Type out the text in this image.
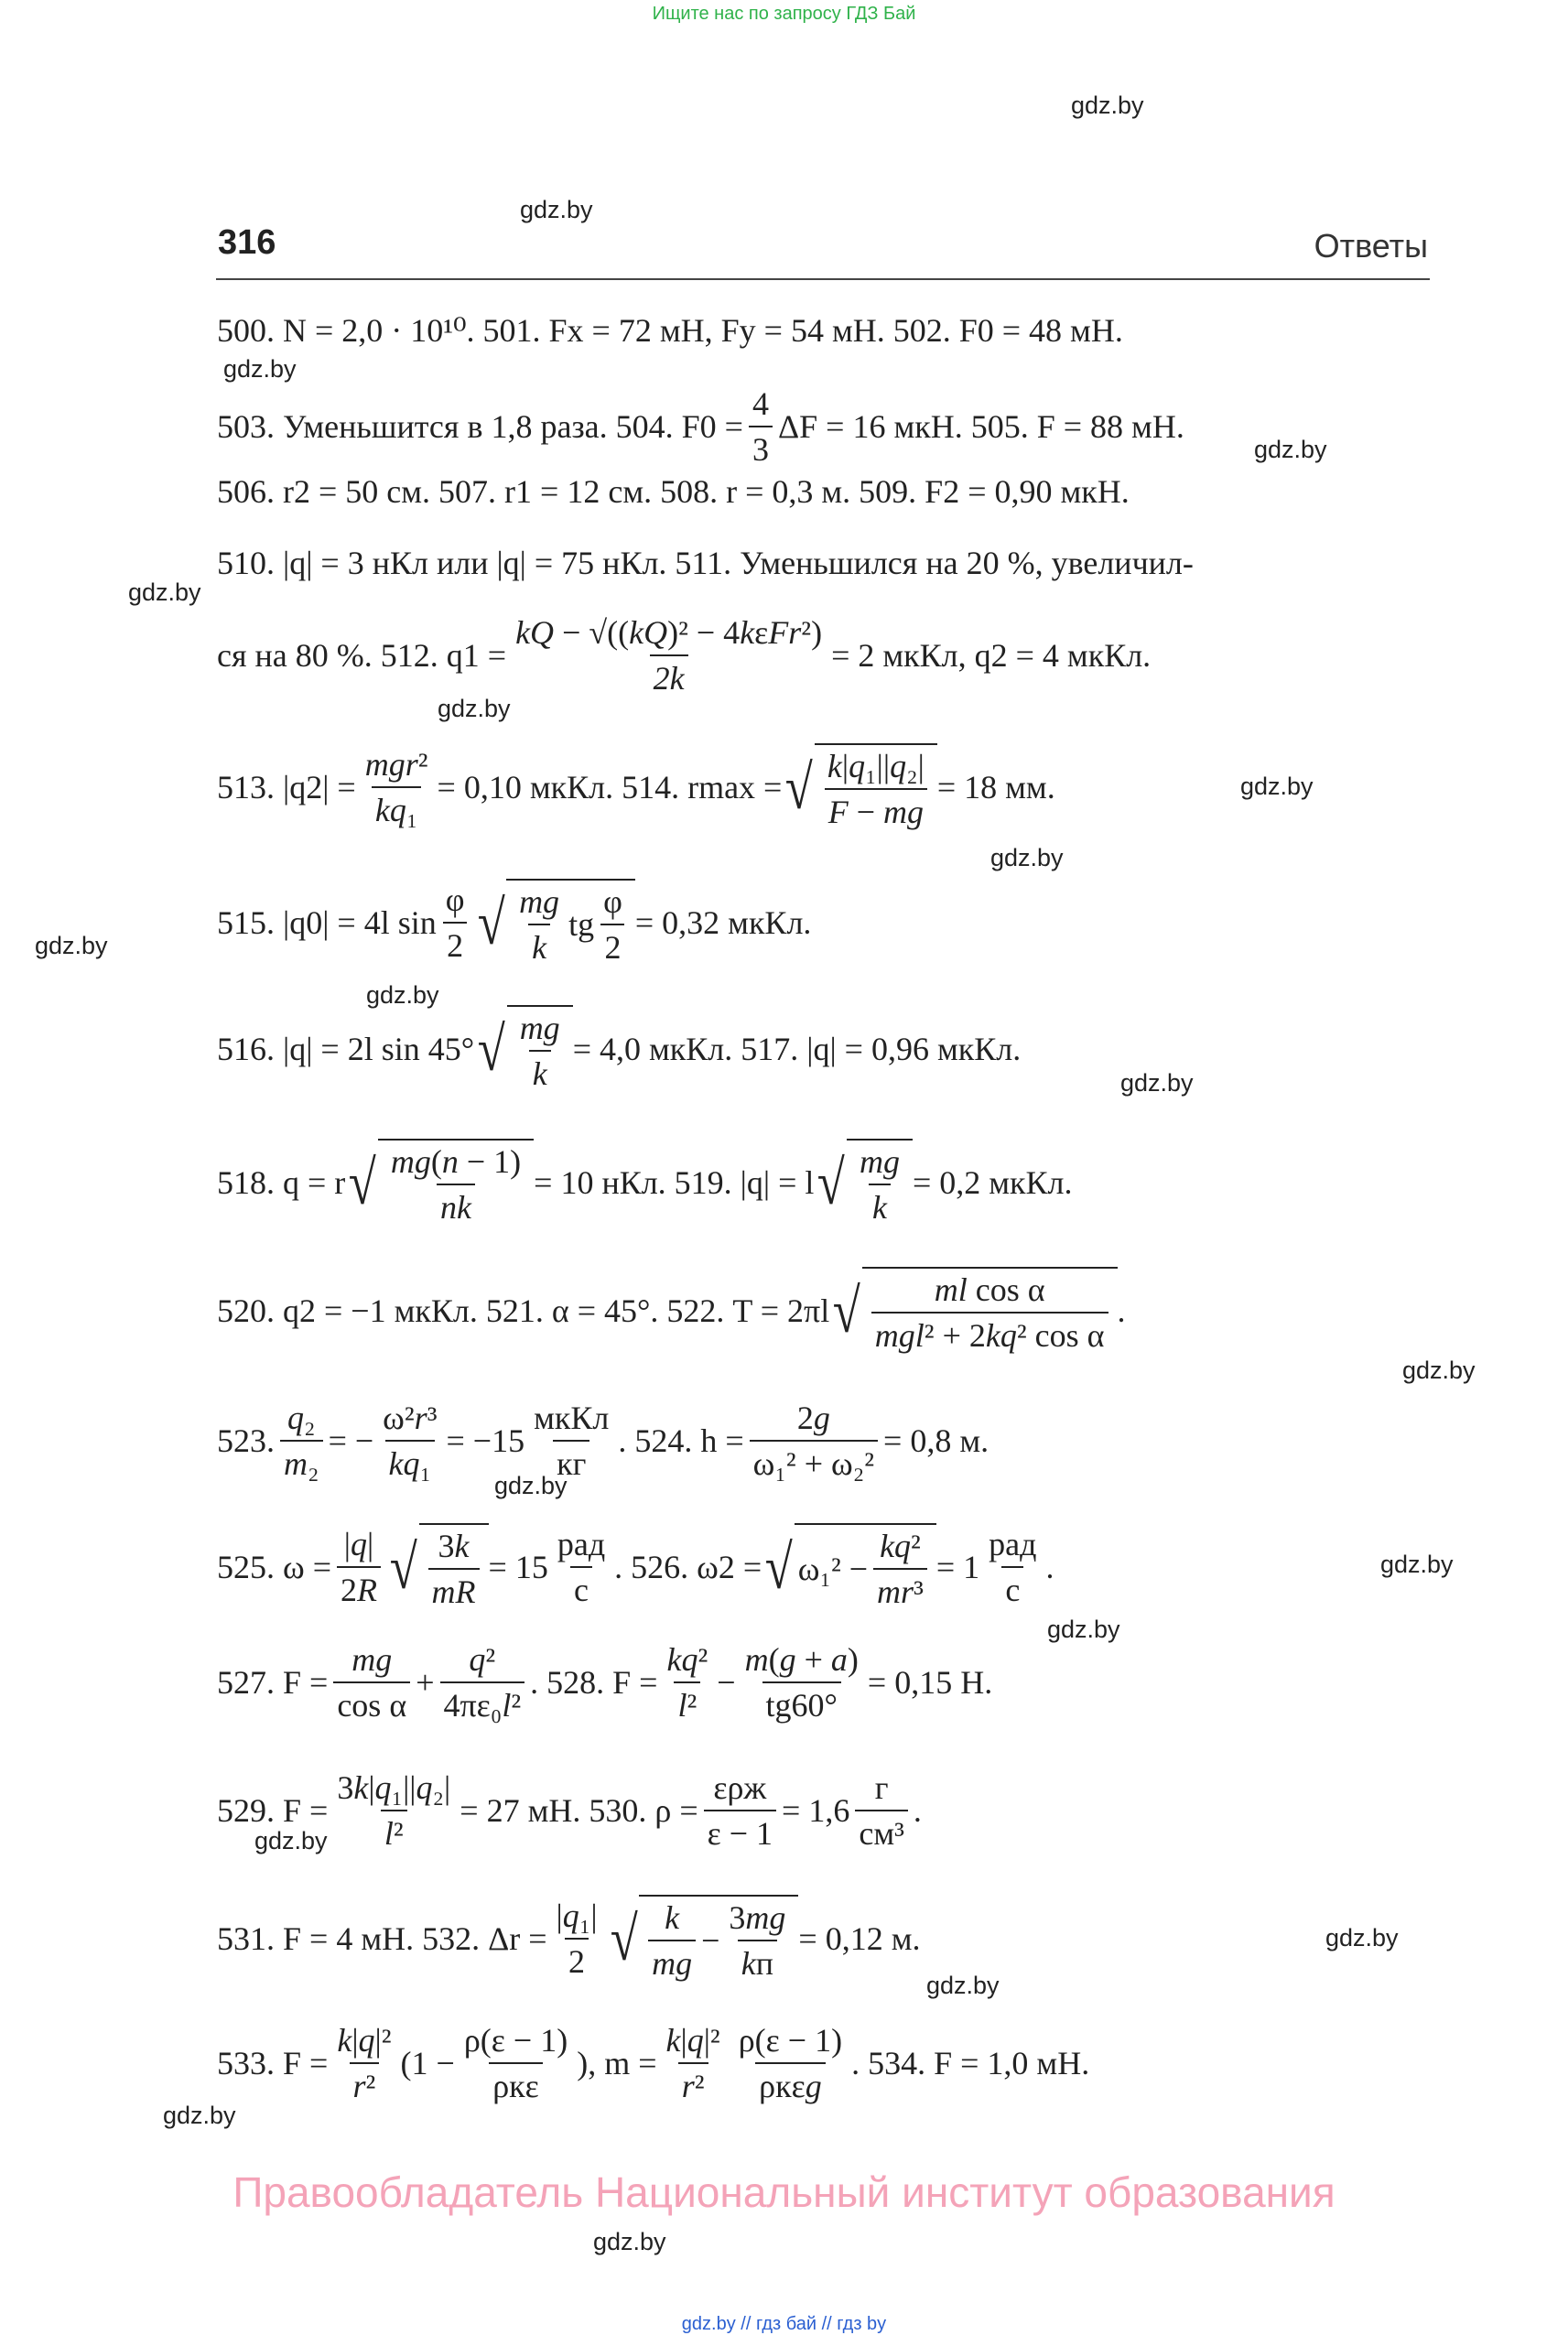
Ищите нас по запросу ГДЗ Бай
gdz.by
gdz.by
gdz.by
gdz.by
gdz.by
gdz.by
gdz.by
gdz.by
gdz.by
gdz.by
gdz.by
gdz.by
gdz.by
gdz.by
gdz.by
gdz.by
gdz.by
gdz.by
gdz.by
316	Ответы
500. N = 2,0 · 10¹⁰. 501. Fx = 72 мН, Fy = 54 мН. 502. F0 = 48 мН.
503. Уменьшится в 1,8 раза. 504. $F0 = \frac{4}{3}$ ΔF = 16 мкН. 505. F = 88 мН.
506. r2 = 50 см. 507. r1 = 12 см. 508. r = 0,3 м. 509. F2 = 0,90 мкН.
510. |q| = 3 нКл или |q| = 75 нКл. 511. Уменьшился на 20 %, увеличил-
ся на 80 %. 512. $q1 = \frac{\text{kQ − √((kQ)² − 4kεFr²)}}{2k} = 2$ мкКл, q2 = 4 мкКл.
513. $|q2| = \frac{\text{mgr²}}{\text{kq₁}} = 0,10$ мкКл. 514. rmax = √ $\frac{\text{k|q₁||q₂|}}{F - mg} = 18$ мм.
515. |q0| = 4l $\sin \frac{\varphi}{2}$ √ $\frac{mg}{k}$ tg $\frac{\varphi}{2} = 0,32$ мкКл.
516. |q| = 2l sin 45° √ $\frac{mg}{k} = 4,0$ мкКл. 517. |q| = 0,96 мкКл.
518. q = r √ $\frac{mg(n - 1)}{nk} = 10$ нКл. 519. |q| = l √ $\frac{mg}{k} = 0,2$ мкКл.
520. q2 = −1 мкКл. 521. α = 45°. 522. T = 2πl √ $\frac{\text{ml cos α}}{\text{mgl² + 2kq² cos α}}$ .
523. $\frac{\text{q₂}}{\text{m₂}}$ = − $\frac{\text{ω²r³}}{\text{kq₁}} = -15 \frac{\text{мкКл}}{кг}$ . 524. $h = \frac{2g}{\text{ω₁² + ω₂²}} = 0,8$ м.
525. $\omega = \frac{|q|}{2R}$ √ $\frac{3k}{mR} = 15 \frac{\text{рад}}{с}$ . 526. ω2 = √ $\omega_1^2 - \frac{\text{kq²}}{\text{mr³}} = 1 \frac{\text{рад}}{с}$ .
527. $F = \frac{mg}{\text{cos α}} + \frac{\text{q²}}{\text{4πε₀l²}}$ . 528. $F = \frac{\text{kq²}}{\text{l²}} - \frac{m(g + a)}{tg60^\circ} = 0,15$ Н.
529. $F = \frac{\text{3k|q₁||q₂|}}{\text{l²}} = 27$ мН. 530. $\rho = \frac{\text{ερж}}{\varepsilon - 1} = 1,6 \frac{г}{\text{см³}}$ .
531. F = 4 мН. 532. $\Delta r = \frac{\text{|q₁|}}{2}$ √ $\frac{k}{mg} - \frac{3mg}{kп} = 0,12$ м.
533. $F = \frac{\text{k|q|²}}{\text{r²}} (1 - \frac{\rho(\varepsilon - 1)}{\text{ρкε}}$ ) , $m = \frac{\text{k|q|²}}{\text{r²}} \frac{\rho(\varepsilon - 1)}{\text{ρкεg}}$ . 534. F = 1,0 мН.
Правообладатель Национальный институт образования
gdz.by
gdz.by // гдз бай // гдз by
